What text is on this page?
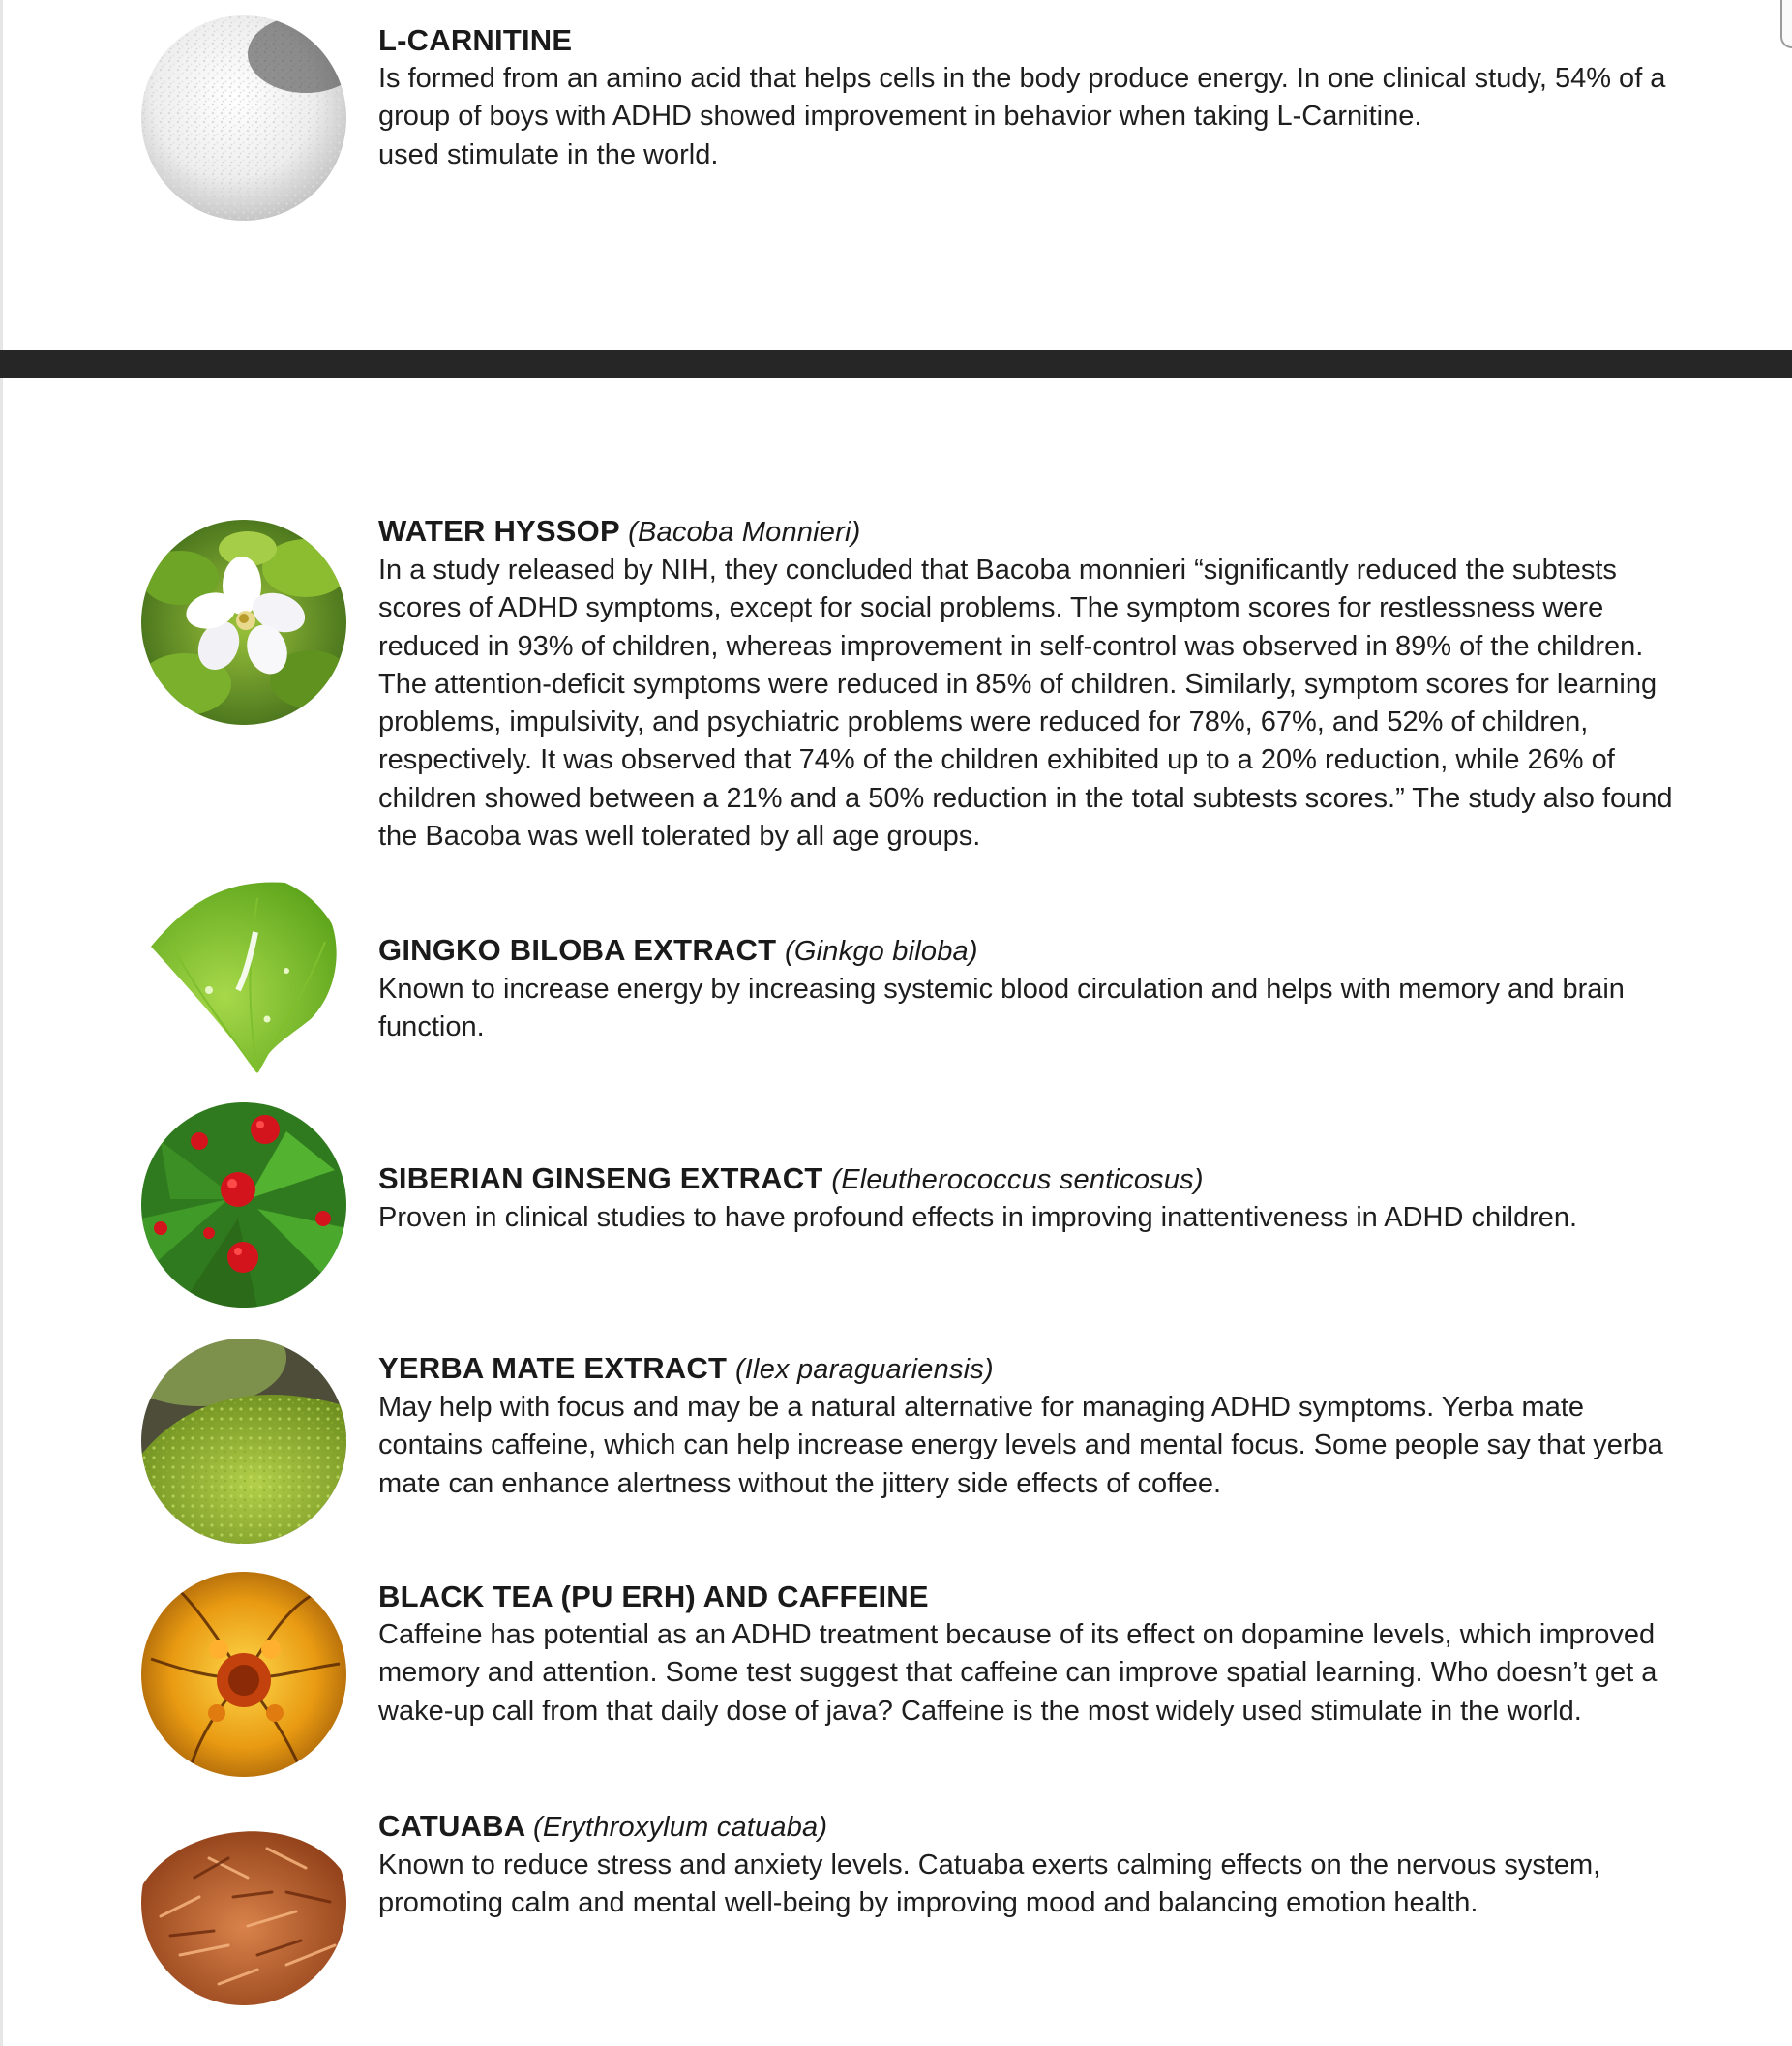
L-CARNITINE

Is formed from an amino acid that helps cells in the body produce energy. In one clinical study, 54% of a group of boys with ADHD showed improvement in behavior when taking L-Carnitine.

used stimulate in the world.

WATER HYSSOP (Bacoba Monnieri)

In a study released by NIH, they concluded that Bacoba monnieri “significantly reduced the subtests scores of ADHD symptoms, except for social problems. The symptom scores for restlessness were reduced in 93% of children, whereas improvement in self-control was observed in 89% of the children. The attention-deficit symptoms were reduced in 85% of children. Similarly, symptom scores for learning problems, impulsivity, and psychiatric problems were reduced for 78%, 67%, and 52% of children, respectively. It was observed that 74% of the children exhibited up to a 20% reduction, while 26% of children showed between a 21% and a 50% reduction in the total subtests scores.” The study also found the Bacoba was well tolerated by all age groups.

GINGKO BILOBA EXTRACT (Ginkgo biloba)

Known to increase energy by increasing systemic blood circulation and helps with memory and brain function.

SIBERIAN GINSENG EXTRACT (Eleutherococcus senticosus)

Proven in clinical studies to have profound effects in improving inattentiveness in ADHD children.

YERBA MATE EXTRACT (Ilex paraguariensis)

May help with focus and may be a natural alternative for managing ADHD symptoms. Yerba mate contains caffeine, which can help increase energy levels and mental focus. Some people say that yerba mate can enhance alertness without the jittery side effects of coffee.

BLACK TEA (PU ERH) AND CAFFEINE

Caffeine has potential as an ADHD treatment because of its effect on dopamine levels, which improved memory and attention. Some test suggest that caffeine can improve spatial learning. Who doesn’t get a wake-up call from that daily dose of java? Caffeine is the most widely used stimulate in the world.

CATUABA (Erythroxylum catuaba)

Known to reduce stress and anxiety levels. Catuaba exerts calming effects on the nervous system, promoting calm and mental well-being by improving mood and balancing emotion health.
